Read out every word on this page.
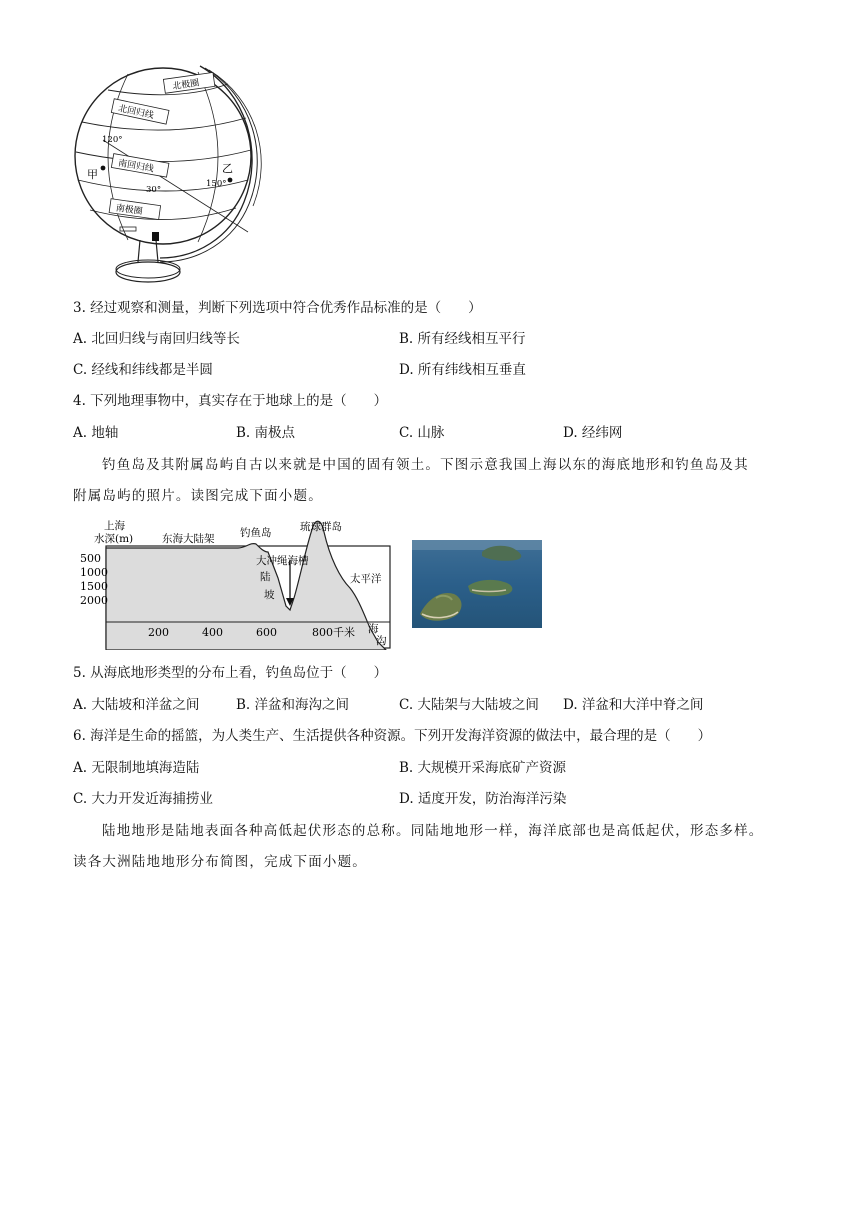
北极圈
北回归线
南回归线
南极圈
120°
150°
30°
甲	乙
3. 经过观察和测量，判断下列选项中符合优秀作品标准的是（　　）
A. 北回归线与南回归线等长	B. 所有经线相互平行
C. 经线和纬线都是半圆	D. 所有纬线相互垂直
4. 下列地理事物中，真实存在于地球上的是（　　）
A. 地轴	B. 南极点	C. 山脉	D. 经纬网
钓鱼岛及其附属岛屿自古以来就是中国的固有领土。下图示意我国上海以东的海底地形和钓鱼岛及其
附属岛屿的照片。读图完成下面小题。
500
1000
1500
2000
200	400	600	800千米
上海
水深(m)	东海大陆架 钓鱼岛	琉球群岛
大冲绳海槽
陆
坡
太平洋
海
沟
5. 从海底地形类型的分布上看，钓鱼岛位于（　　）
A. 大陆坡和洋盆之间	B. 洋盆和海沟之间	C. 大陆架与大陆坡之间 D. 洋盆和大洋中脊之间
6. 海洋是生命的摇篮，为人类生产、生活提供各种资源。下列开发海洋资源的做法中，最合理的是（　　）
A. 无限制地填海造陆	B. 大规模开采海底矿产资源
C. 大力开发近海捕捞业	D. 适度开发，防治海洋污染
陆地地形是陆地表面各种高低起伏形态的总称。同陆地地形一样，海洋底部也是高低起伏，形态多样。
读各大洲陆地地形分布简图，完成下面小题。
